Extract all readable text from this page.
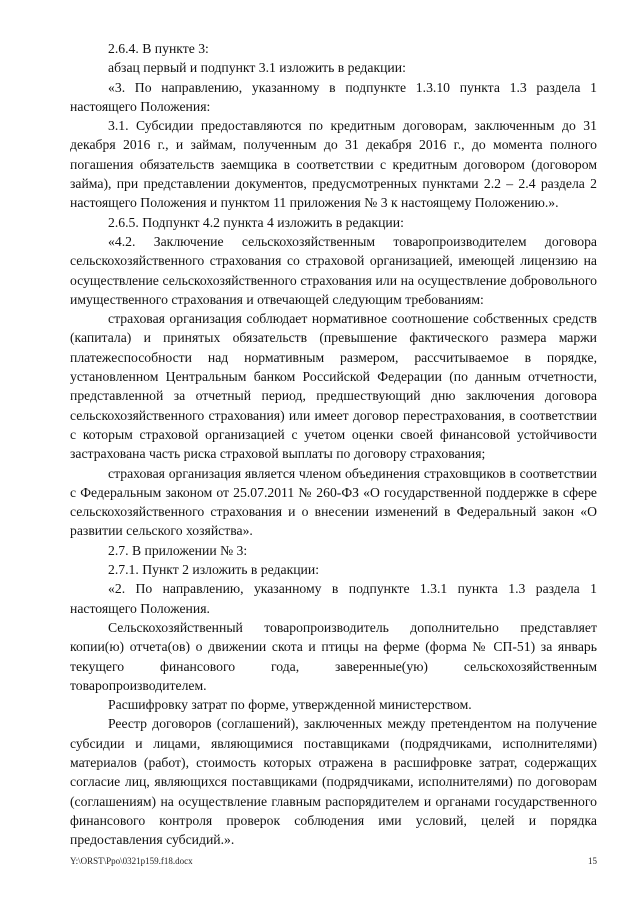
2.6.4. В пункте 3:

абзац первый и подпункт 3.1 изложить в редакции:

«3. По направлению, указанному в подпункте 1.3.10 пункта 1.3 раздела 1 настоящего Положения:

3.1. Субсидии предоставляются по кредитным договорам, заключенным до 31 декабря 2016 г., и займам, полученным до 31 декабря 2016 г., до момента полного погашения обязательств заемщика в соответствии с кредитным договором (договором займа), при представлении документов, предусмотренных пунктами 2.2 – 2.4 раздела 2 настоящего Положения и пунктом 11 приложения № 3 к настоящему Положению.».

2.6.5. Подпункт 4.2 пункта 4 изложить в редакции:

«4.2. Заключение сельскохозяйственным товаропроизводителем договора сельскохозяйственного страхования со страховой организацией, имеющей лицензию на осуществление сельскохозяйственного страхования или на осуществление добровольного имущественного страхования и отвечающей следующим требованиям:

страховая организация соблюдает нормативное соотношение собственных средств (капитала) и принятых обязательств (превышение фактического размера маржи платежеспособности над нормативным размером, рассчитываемое в порядке, установленном Центральным банком Российской Федерации (по данным отчетности, представленной за отчетный период, предшествующий дню заключения договора сельскохозяйственного страхования) или имеет договор перестрахования, в соответствии с которым страховой организацией с учетом оценки своей финансовой устойчивости застрахована часть риска страховой выплаты по договору страхования;

страховая организация является членом объединения страховщиков в соответствии с Федеральным законом от 25.07.2011 № 260-ФЗ «О государственной поддержке в сфере сельскохозяйственного страхования и о внесении изменений в Федеральный закон «О развитии сельского хозяйства».

2.7. В приложении № 3:

2.7.1. Пункт 2 изложить в редакции:

«2. По направлению, указанному в подпункте 1.3.1 пункта 1.3 раздела 1 настоящего Положения.

Сельскохозяйственный товаропроизводитель дополнительно представляет копии(ю) отчета(ов) о движении скота и птицы на ферме (форма № СП-51) за январь текущего финансового года, заверенные(ую) сельскохозяйственным товаропроизводителем.

Расшифровку затрат по форме, утвержденной министерством.

Реестр договоров (соглашений), заключенных между претендентом на получение субсидии и лицами, являющимися поставщиками (подрядчиками, исполнителями) материалов (работ), стоимость которых отражена в расшифровке затрат, содержащих согласие лиц, являющихся поставщиками (подрядчиками, исполнителями) по договорам (соглашениям) на осуществление главным распорядителем и органами государственного финансового контроля проверок соблюдения ими условий, целей и порядка предоставления субсидий.».

Y:\ORST\Ppo\0321p159.f18.docx	15
